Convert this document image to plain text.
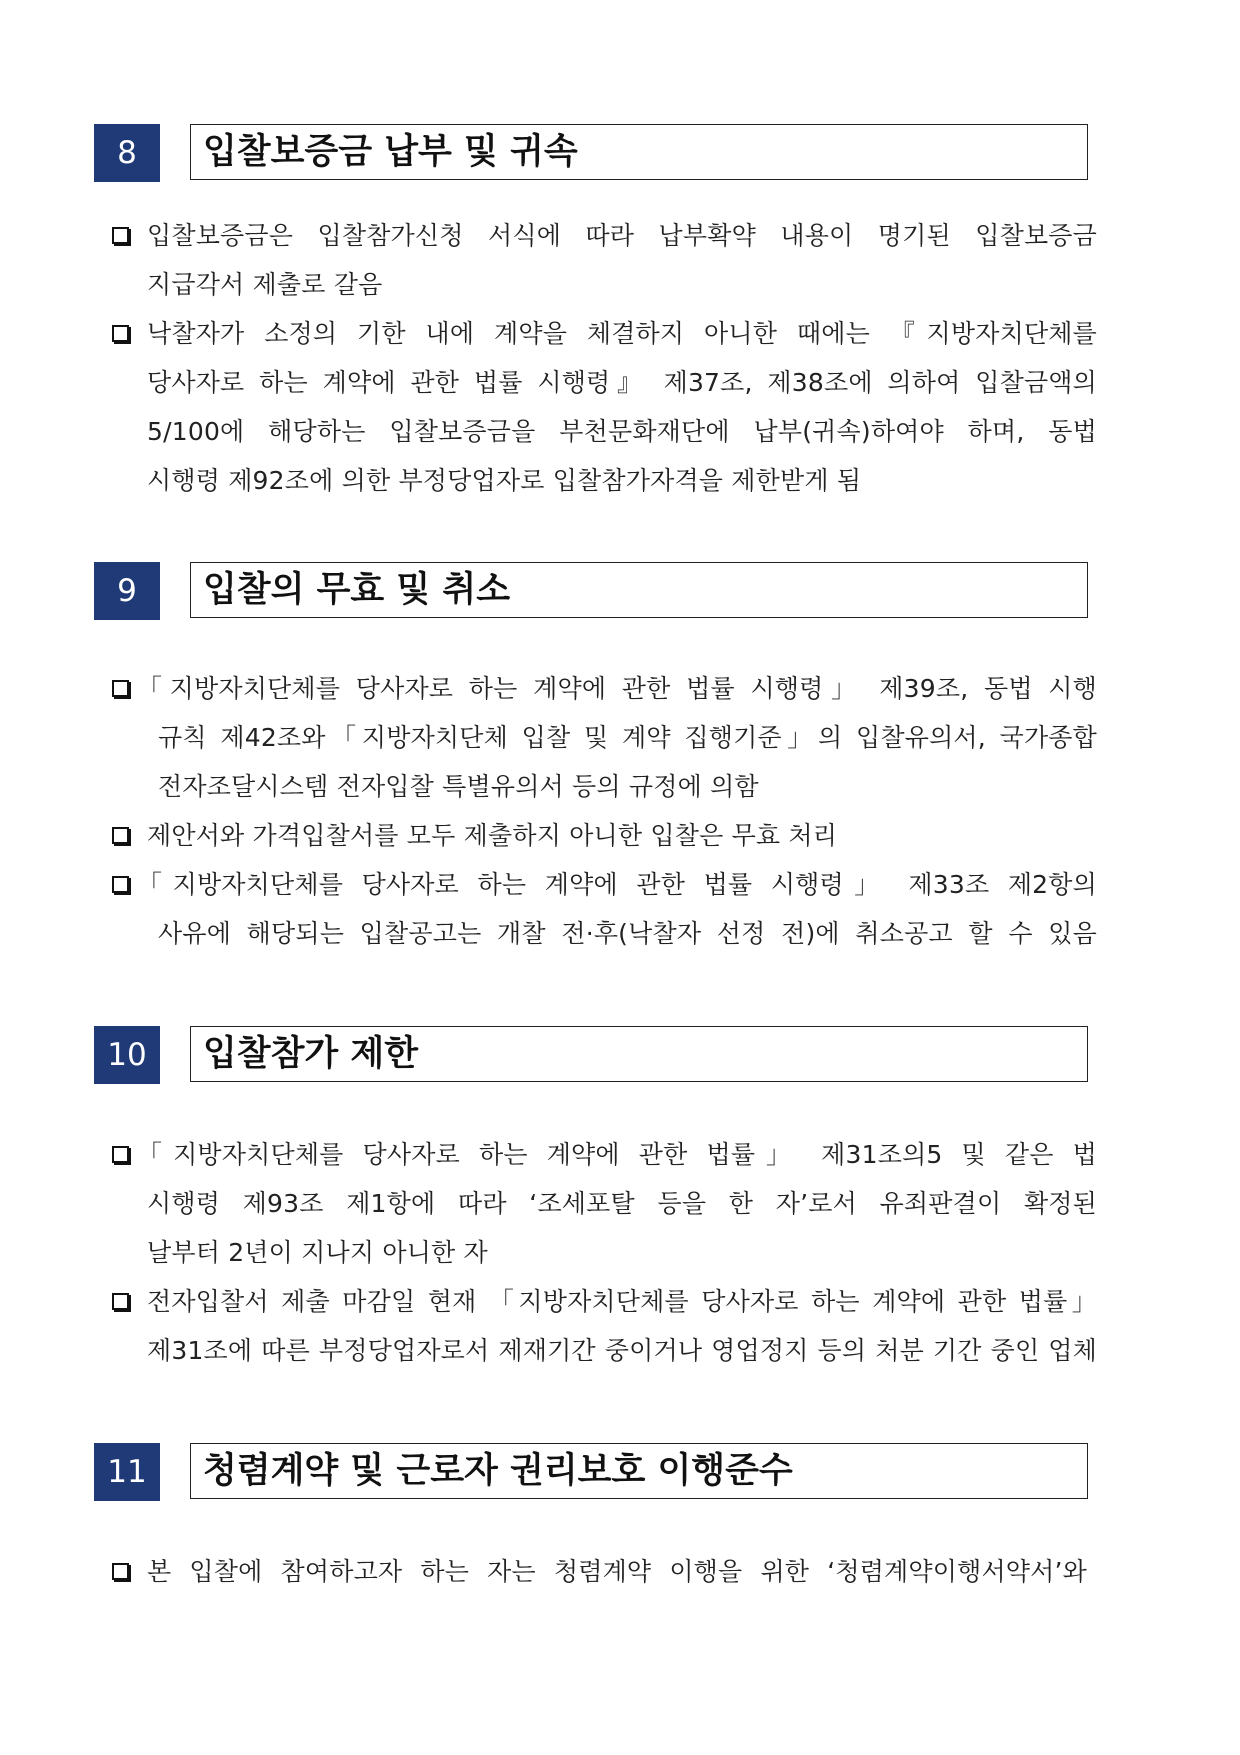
8	입찰보증금 납부 및 귀속
입찰보증금은 입찰참가신청 서식에 따라 납부확약 내용이 명기된 입찰보증금
지급각서 제출로 갈음
낙찰자가 소정의 기한 내에 계약을 체결하지 아니한 때에는 『지방자치단체를
당사자로 하는 계약에 관한 법률 시행령』 제37조, 제38조에 의하여 입찰금액의
5/100에 해당하는 입찰보증금을 부천문화재단에 납부(귀속)하여야 하며, 동법
시행령 제92조에 의한 부정당업자로 입찰참가자격을 제한받게 됨
9	입찰의 무효 및 취소
「지방자치단체를 당사자로 하는 계약에 관한 법률 시행령」 제39조, 동법 시행
규칙 제42조와「지방자치단체 입찰 및 계약 집행기준」의 입찰유의서, 국가종합
전자조달시스템 전자입찰 특별유의서 등의 규정에 의함
제안서와 가격입찰서를 모두 제출하지 아니한 입찰은 무효 처리
「지방자치단체를 당사자로 하는 계약에 관한 법률 시행령」 제33조 제2항의
사유에 해당되는 입찰공고는 개찰 전·후(낙찰자 선정 전)에 취소공고 할 수 있음
10	입찰참가 제한
「지방자치단체를 당사자로 하는 계약에 관한 법률」 제31조의5 및 같은 법
시행령 제93조 제1항에 따라 ‘조세포탈 등을 한 자’로서 유죄판결이 확정된
날부터 2년이 지나지 아니한 자
전자입찰서 제출 마감일 현재 「지방자치단체를 당사자로 하는 계약에 관한 법률」
제31조에 따른 부정당업자로서 제재기간 중이거나 영업정지 등의 처분 기간 중인 업체
11	청렴계약 및 근로자 권리보호 이행준수
본 입찰에 참여하고자 하는 자는 청렴계약 이행을 위한 ‘청렴계약이행서약서’와
